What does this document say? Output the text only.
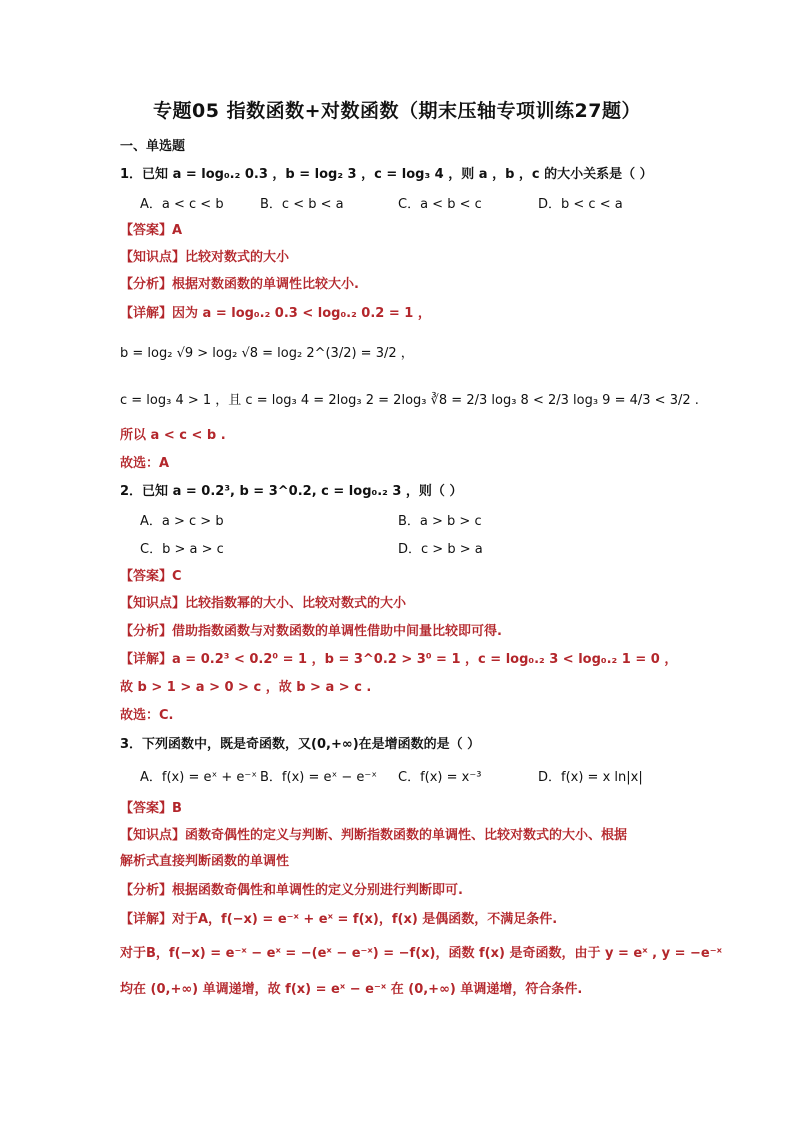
专题05 指数函数+对数函数（期末压轴专项训练27题）
一、单选题
1．已知 a = log₀.₂ 0.3 ，b = log₂ 3 ，c = log₃ 4 ，则 a ，b ，c 的大小关系是（ ）
A．a < c < b	B．c < b < a	C．a < b < c	D．b < c < a
【答案】A
【知识点】比较对数式的大小
【分析】根据对数函数的单调性比较大小.
【详解】因为 a = log₀.₂ 0.3 < log₀.₂ 0.2 = 1 ，
b = log₂ √9 > log₂ √8 = log₂ 2^(3/2) = 3/2 ，
c = log₃ 4 > 1 ，且 c = log₃ 4 = 2log₃ 2 = 2log₃ ∛8 = 2/3 log₃ 8 < 2/3 log₃ 9 = 4/3 < 3/2 .
所以 a < c < b .
故选：A
2．已知 a = 0.2³, b = 3^0.2, c = log₀.₂ 3 ，则（ ）
A．a > c > b	B．a > b > c
C．b > a > c	D．c > b > a
【答案】C
【知识点】比较指数幂的大小、比较对数式的大小
【分析】借助指数函数与对数函数的单调性借助中间量比较即可得.
【详解】a = 0.2³ < 0.2⁰ = 1 ，b = 3^0.2 > 3⁰ = 1 ，c = log₀.₂ 3 < log₀.₂ 1 = 0 ，
故 b > 1 > a > 0 > c ，故 b > a > c .
故选：C.
3．下列函数中，既是奇函数，又(0,+∞)在是增函数的是（ ）
A．f(x) = eˣ + e⁻ˣ B．f(x) = eˣ − e⁻ˣ C．f(x) = x⁻³	D．f(x) = x ln|x|
【答案】B
【知识点】函数奇偶性的定义与判断、判断指数函数的单调性、比较对数式的大小、根据
解析式直接判断函数的单调性
【分析】根据函数奇偶性和单调性的定义分别进行判断即可.
【详解】对于A，f(−x) = e⁻ˣ + eˣ = f(x)，f(x) 是偶函数，不满足条件.
对于B，f(−x) = e⁻ˣ − eˣ = −(eˣ − e⁻ˣ) = −f(x)，函数 f(x) 是奇函数，由于 y = eˣ , y = −e⁻ˣ
均在 (0,+∞) 单调递增，故 f(x) = eˣ − e⁻ˣ 在 (0,+∞) 单调递增，符合条件.
